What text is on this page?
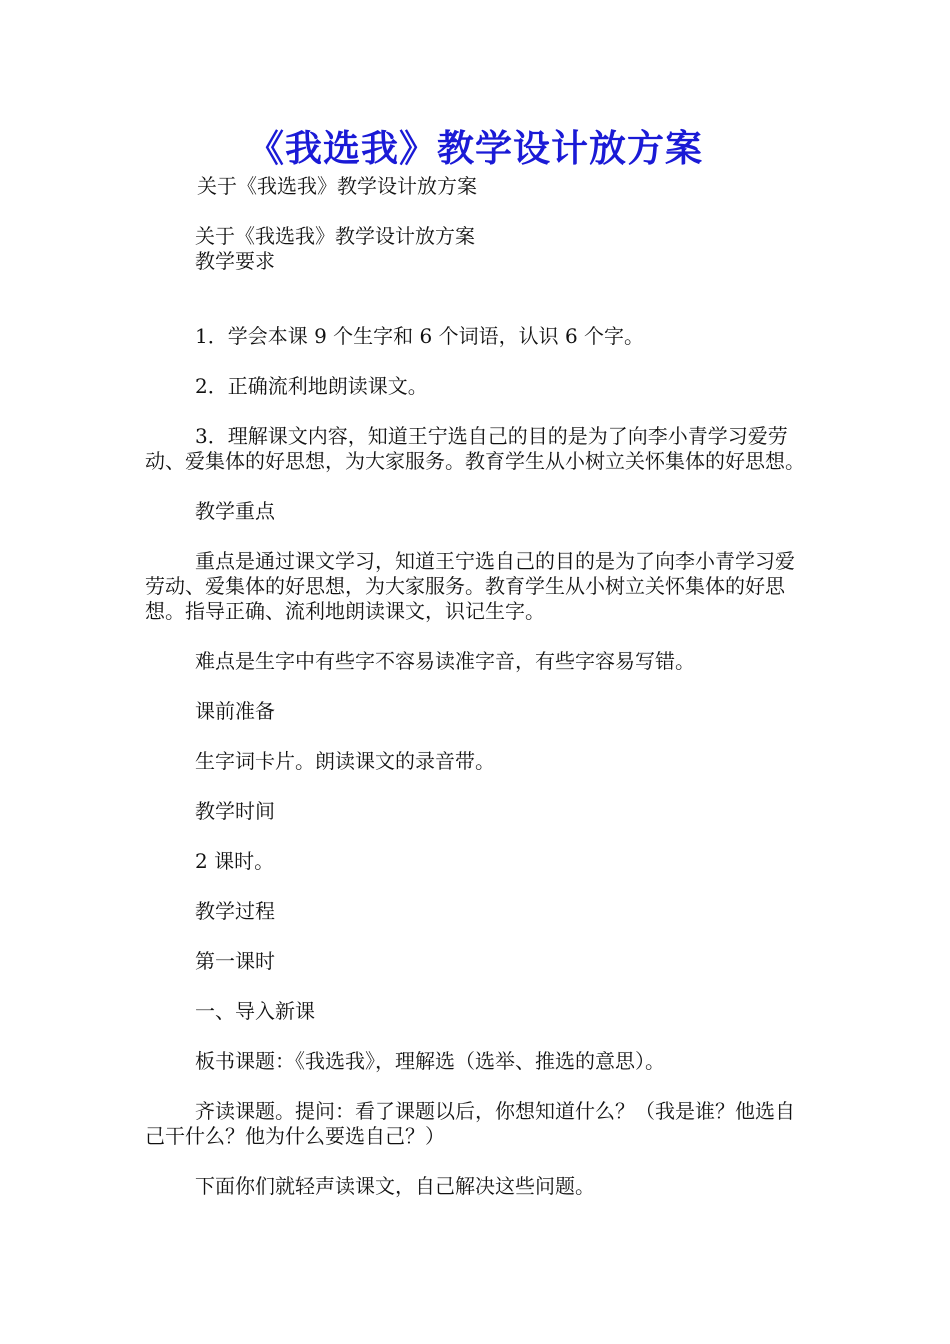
《我选我》教学设计放方案

关于《我选我》教学设计放方案

关于《我选我》教学设计放方案

教学要求

1．学会本课 9 个生字和 6 个词语，认识 6 个字。

2．正确流利地朗读课文。

3．理解课文内容，知道王宁选自己的目的是为了向李小青学习爱劳动、爱集体的好思想，为大家服务。教育学生从小树立关怀集体的好思想。

教学重点

重点是通过课文学习，知道王宁选自己的目的是为了向李小青学习爱劳动、爱集体的好思想，为大家服务。教育学生从小树立关怀集体的好思想。指导正确、流利地朗读课文，识记生字。

难点是生字中有些字不容易读准字音，有些字容易写错。

课前准备

生字词卡片。朗读课文的录音带。

教学时间

2 课时。

教学过程

第一课时

一、导入新课

板书课题：《我选我》，理解选（选举、推选的意思）。

齐读课题。提问：看了课题以后，你想知道什么？（我是谁？他选自己干什么？他为什么要选自己？）

下面你们就轻声读课文，自己解决这些问题。
